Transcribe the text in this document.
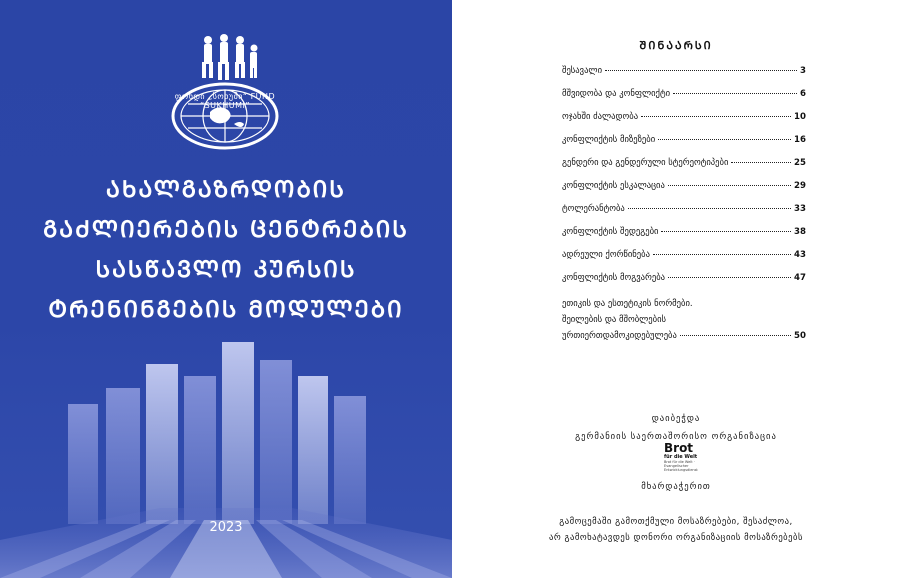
ფონდი „სოხუმი“ FUND “SUKHUMI”
ᲐᲮᲐᲚᲒᲐᲖᲠᲓᲝᲑᲘᲡ
ᲒᲐᲫᲚᲘᲔᲠᲔᲑᲘᲡ ᲪᲔᲜᲢᲠᲔᲑᲘᲡ
ᲡᲐᲡᲬᲐᲕᲚᲝ ᲙᲣᲠᲡᲘᲡ
ᲢᲠᲔᲜᲘᲜᲒᲔᲑᲘᲡ ᲛᲝᲓᲣᲚᲔᲑᲘ
2023
ᲨᲘᲜᲐᲐᲠᲡᲘ
შესავალი	3
მშვიდობა და კონფლიქტი	6
ოჯახში ძალადობა	10
კონფლიქტის მიზეზები	16
გენდერი და გენდერული სტერეოტიპები	25
კონფლიქტის ესკალაცია	29
ტოლერანტობა	33
კონფლიქტის შედეგები	38
ადრეული ქორწინება	43
კონფლიქტის მოგვარება	47
ეთიკის და ესთეტიკის ნორმები.
შეილების და მშობლების
ურთიერთდამოკიდებულება	50
დაიბეჭდა
გერმანიის საერთაშორისო ორგანიზაცია
Brot
für die Welt
Brot für die Welt · Evangelischer Entwicklungsdienst
მხარდაჭერით
გამოცემაში გამოთქმული მოსაზრებები, შესაძლოა,
არ გამოხატავდეს დონორი ორგანიზაციის მოსაზრებებს
